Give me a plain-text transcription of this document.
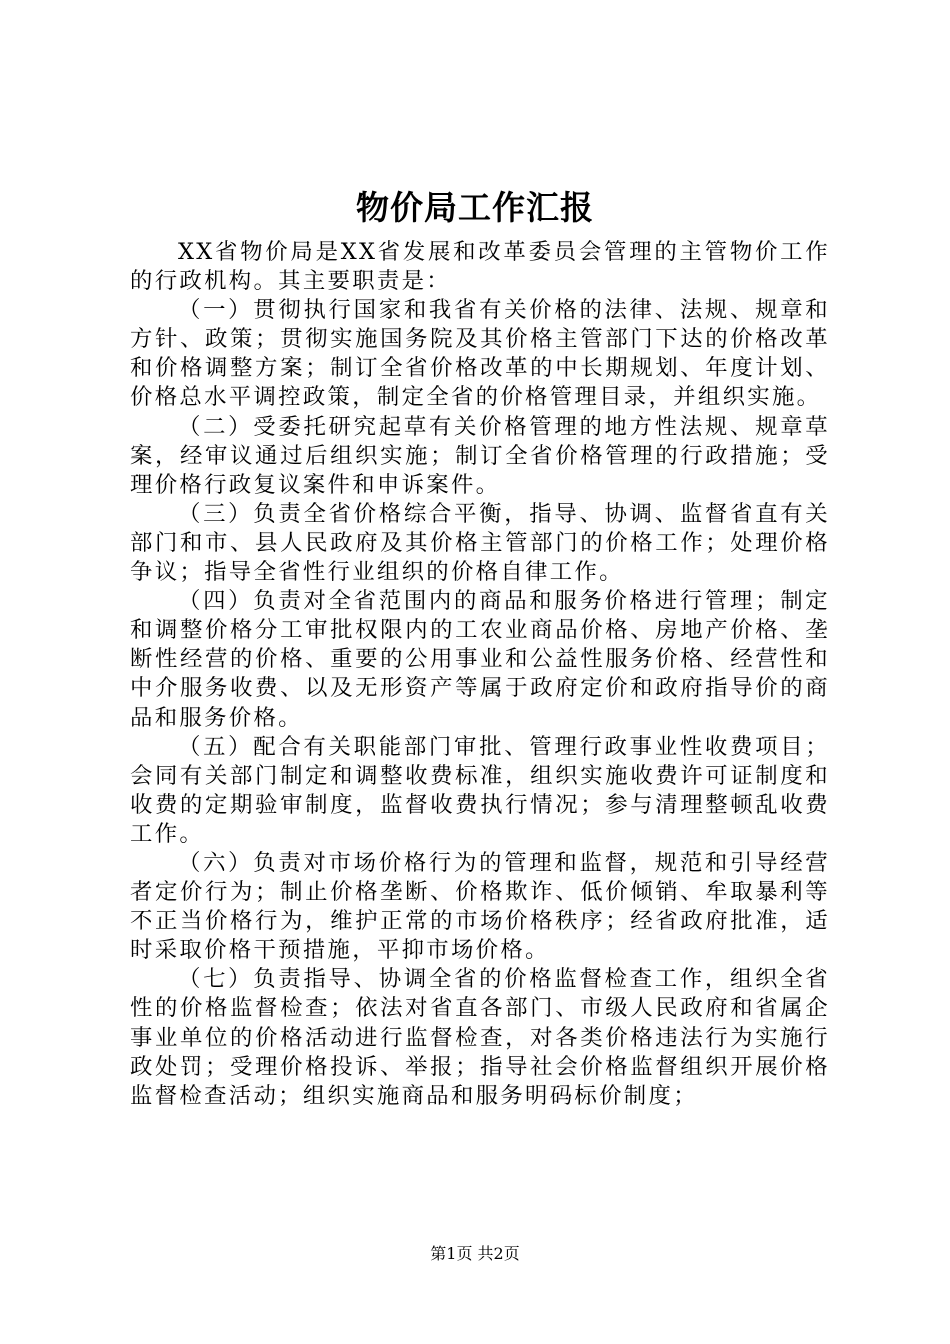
物价局工作汇报

XX省物价局是XX省发展和改革委员会管理的主管物价工作的行政机构。其主要职责是：

（一）贯彻执行国家和我省有关价格的法律、法规、规章和方针、政策；贯彻实施国务院及其价格主管部门下达的价格改革和价格调整方案；制订全省价格改革的中长期规划、年度计划、价格总水平调控政策，制定全省的价格管理目录，并组织实施。

（二）受委托研究起草有关价格管理的地方性法规、规章草案，经审议通过后组织实施；制订全省价格管理的行政措施；受理价格行政复议案件和申诉案件。

（三）负责全省价格综合平衡，指导、协调、监督省直有关部门和市、县人民政府及其价格主管部门的价格工作；处理价格争议；指导全省性行业组织的价格自律工作。

（四）负责对全省范围内的商品和服务价格进行管理；制定和调整价格分工审批权限内的工农业商品价格、房地产价格、垄断性经营的价格、重要的公用事业和公益性服务价格、经营性和中介服务收费、以及无形资产等属于政府定价和政府指导价的商品和服务价格。

（五）配合有关职能部门审批、管理行政事业性收费项目；会同有关部门制定和调整收费标准，组织实施收费许可证制度和收费的定期验审制度，监督收费执行情况；参与清理整顿乱收费工作。

（六）负责对市场价格行为的管理和监督，规范和引导经营者定价行为；制止价格垄断、价格欺诈、低价倾销、牟取暴利等不正当价格行为，维护正常的市场价格秩序；经省政府批准，适时采取价格干预措施，平抑市场价格。

（七）负责指导、协调全省的价格监督检查工作，组织全省性的价格监督检查；依法对省直各部门、市级人民政府和省属企事业单位的价格活动进行监督检查，对各类价格违法行为实施行政处罚；受理价格投诉、举报；指导社会价格监督组织开展价格监督检查活动；组织实施商品和服务明码标价制度；

第1页 共2页
